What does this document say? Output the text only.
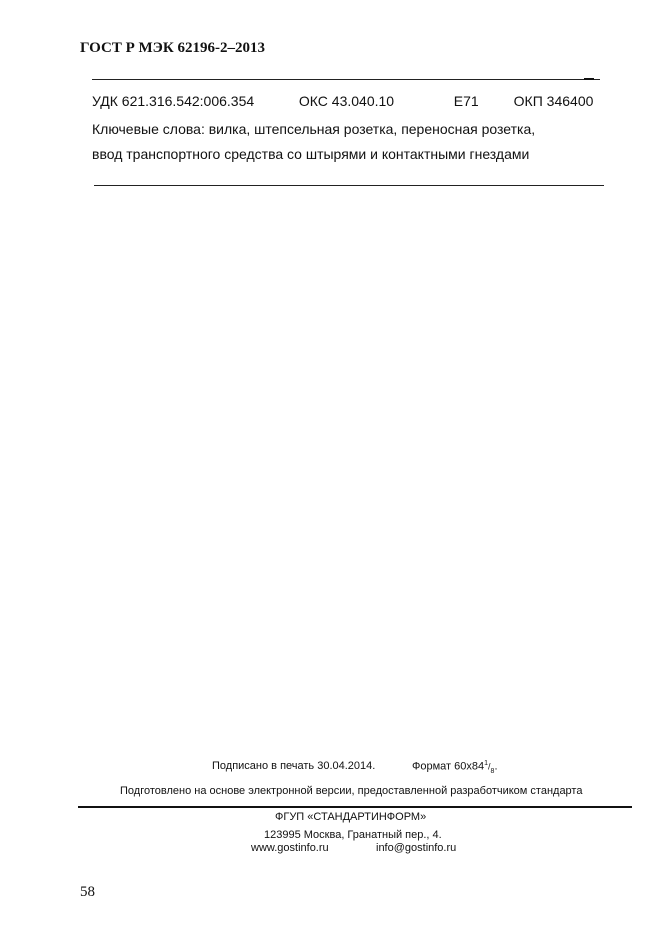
ГОСТ Р МЭК 62196-2–2013
УДК 621.316.542:006.354	ОКС 43.040.10	Е71 ОКП 346400
Ключевые слова: вилка, штепсельная розетка, переносная розетка,
ввод транспортного средства со штырями и контактными гнездами
Подписано в печать 30.04.2014.	Формат $60х84^1/_8$.
Подготовлено на основе электронной версии, предоставленной разработчиком стандарта
ФГУП «СТАНДАРТИНФОРМ»
123995 Москва, Гранатный пер., 4.
www.gostinfo.ru	info@gostinfo.ru
58
